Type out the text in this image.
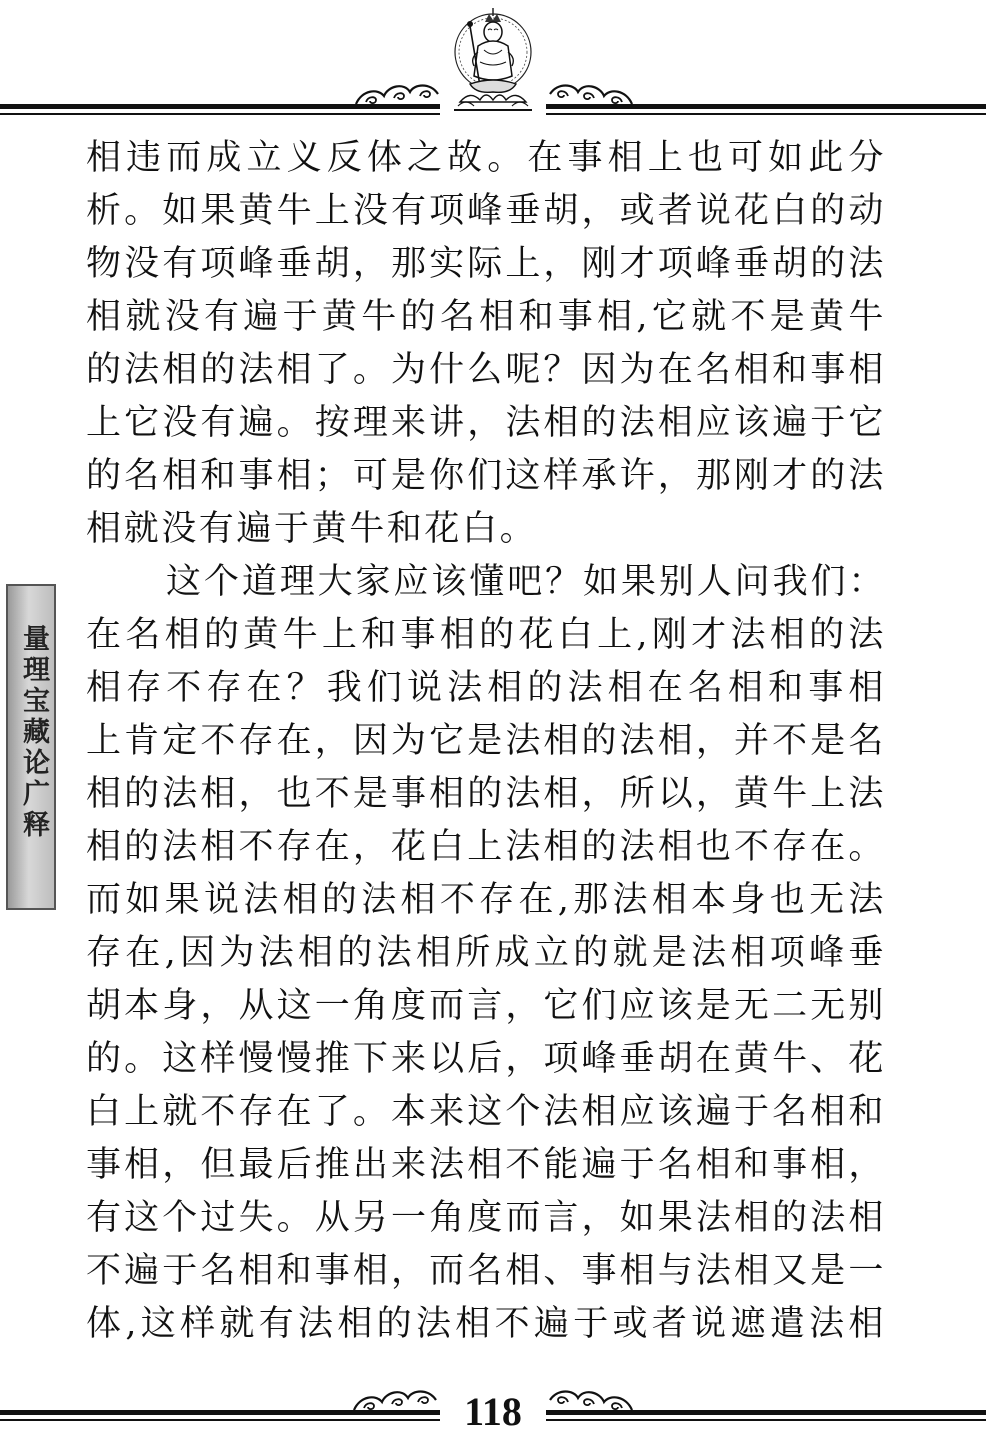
量理宝藏论广释
相违而成立义反体之故。在事相上也可如此分
析。如果黄牛上没有项峰垂胡，或者说花白的动
物没有项峰垂胡，那实际上，刚才项峰垂胡的法
相就没有遍于黄牛的名相和事相,它就不是黄牛
的法相的法相了。为什么呢？因为在名相和事相
上它没有遍。按理来讲，法相的法相应该遍于它
的名相和事相；可是你们这样承许，那刚才的法
相就没有遍于黄牛和花白。
这个道理大家应该懂吧？如果别人问我们：
在名相的黄牛上和事相的花白上,刚才法相的法
相存不存在？我们说法相的法相在名相和事相
上肯定不存在，因为它是法相的法相，并不是名
相的法相，也不是事相的法相，所以，黄牛上法
相的法相不存在，花白上法相的法相也不存在。
而如果说法相的法相不存在,那法相本身也无法
存在,因为法相的法相所成立的就是法相项峰垂
胡本身，从这一角度而言，它们应该是无二无别
的。这样慢慢推下来以后，项峰垂胡在黄牛、花
白上就不存在了。本来这个法相应该遍于名相和
事相，但最后推出来法相不能遍于名相和事相，
有这个过失。从另一角度而言，如果法相的法相
不遍于名相和事相，而名相、事相与法相又是一
体,这样就有法相的法相不遍于或者说遮遣法相
118
